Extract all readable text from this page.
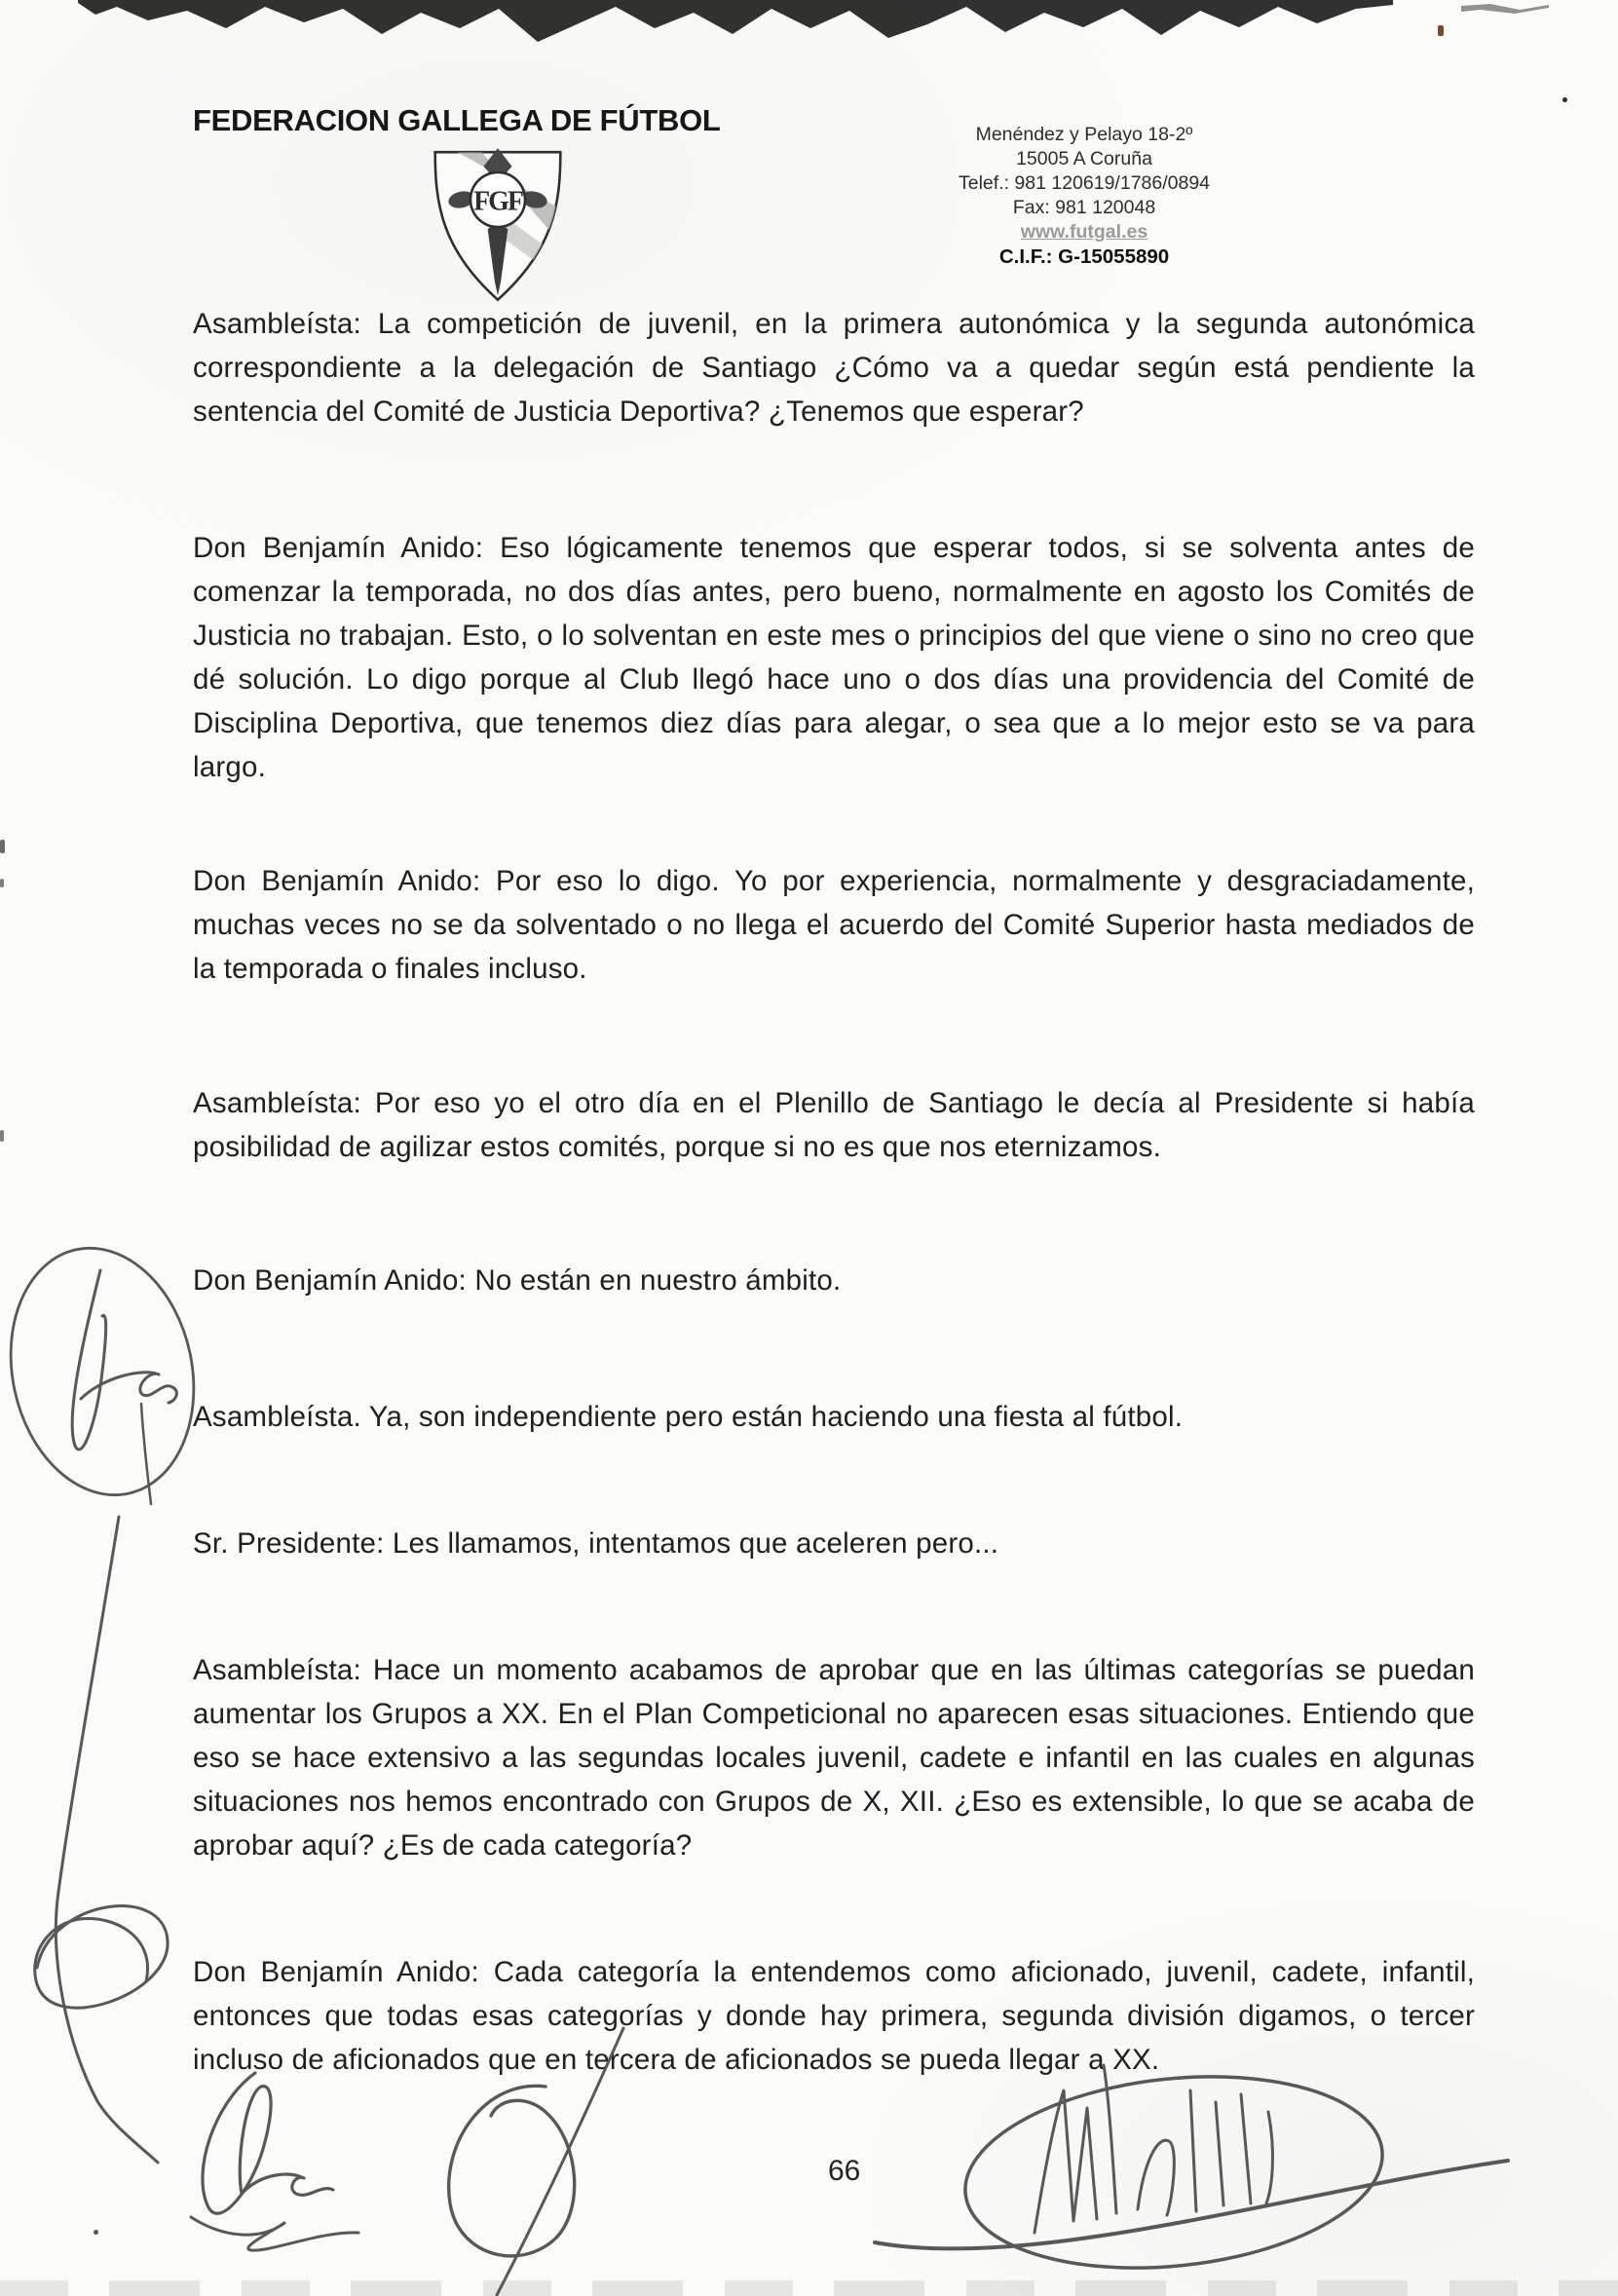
FEDERACION GALLEGA DE FÚTBOL
FGF
Menéndez y Pelayo 18-2º
15005 A Coruña
Telef.: 981 120619/1786/0894
Fax: 981 120048
www.futgal.es
C.I.F.: G-15055890

Asambleísta: La competición de juvenil, en la primera autonómica y la segunda autonómica correspondiente a la delegación de Santiago ¿Cómo va a quedar según está pendiente la sentencia del Comité de Justicia Deportiva? ¿Tenemos que esperar?

Don Benjamín Anido: Eso lógicamente tenemos que esperar todos, si se solventa antes de comenzar la temporada, no dos días antes, pero bueno, normalmente en agosto los Comités de Justicia no trabajan. Esto, o lo solventan en este mes o principios del que viene o sino no creo que dé solución. Lo digo porque al Club llegó hace uno o dos días una providencia del Comité de Disciplina Deportiva, que tenemos diez días para alegar, o sea que a lo mejor esto se va para largo.

Don Benjamín Anido: Por eso lo digo. Yo por experiencia, normalmente y desgraciadamente, muchas veces no se da solventado o no llega el acuerdo del Comité Superior hasta mediados de la temporada o finales incluso.

Asambleísta: Por eso yo el otro día en el Plenillo de Santiago le decía al Presidente si había posibilidad de agilizar estos comités, porque si no es que nos eternizamos.

Don Benjamín Anido: No están en nuestro ámbito.

Asambleísta. Ya, son independiente pero están haciendo una fiesta al fútbol.

Sr. Presidente: Les llamamos, intentamos que aceleren pero...

Asambleísta: Hace un momento acabamos de aprobar que en las últimas categorías se puedan aumentar los Grupos a XX. En el Plan Competicional no aparecen esas situaciones. Entiendo que eso se hace extensivo a las segundas locales juvenil, cadete e infantil en las cuales en algunas situaciones nos hemos encontrado con Grupos de X, XII. ¿Eso es extensible, lo que se acaba de aprobar aquí? ¿Es de cada categoría?

Don Benjamín Anido: Cada categoría la entendemos como aficionado, juvenil, cadete, infantil, entonces que todas esas categorías y donde hay primera, segunda división digamos, o tercer incluso de aficionados que en tercera de aficionados se pueda llegar a XX.

66
